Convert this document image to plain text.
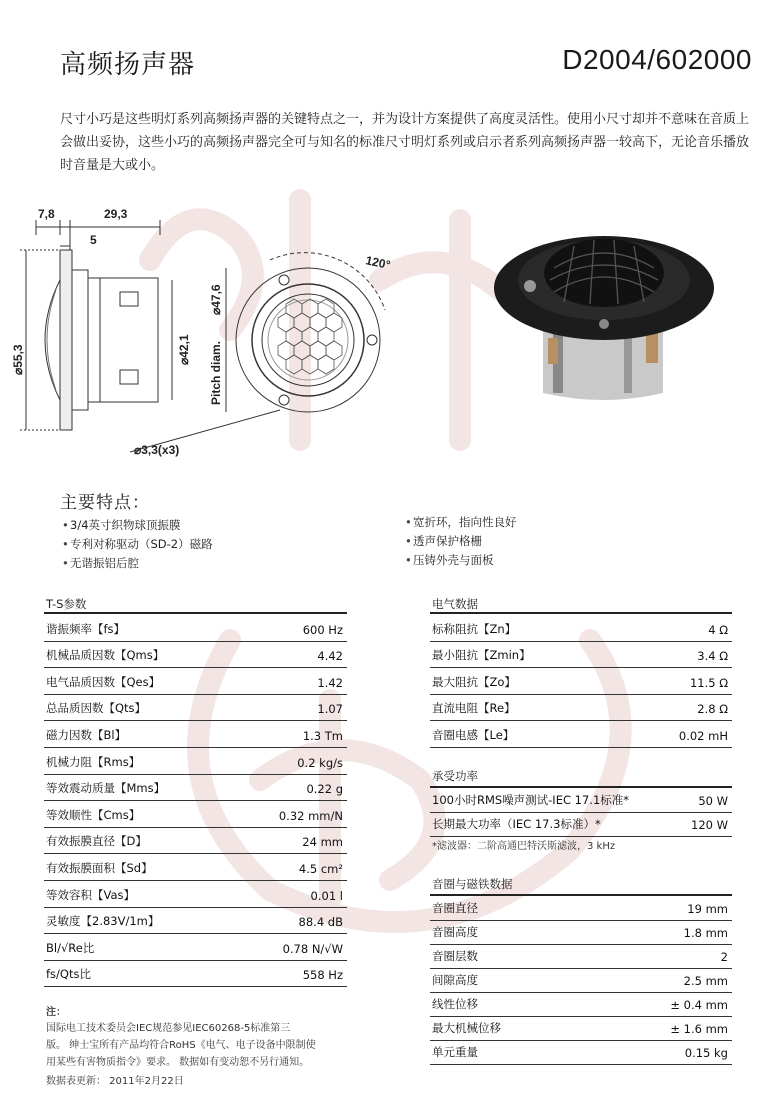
高频扬声器	D2004/602000
尺寸小巧是这些明灯系列高频扬声器的关键特点之一，并为设计方案提供了高度灵活性。使用小尺寸却并不意味在音质上会做出妥协，这些小巧的高频扬声器完全可与知名的标准尺寸明灯系列或启示者系列高频扬声器一较高下，无论音乐播放时音量是大或小。
7,8	29,3
5
120°
⌀3,3(x3)
⌀55,3	⌀42,1 Pitch diam.
⌀47,6
主要特点：
•3/4英寸织物球顶振膜
•专利对称驱动（SD-2）磁路
•无谐振铝后腔
•宽折环，指向性良好
•透声保护格栅
•压铸外壳与面板
T-S参数
谐振频率【fs】	600 Hz
机械品质因数【Qms】	4.42
电气品质因数【Qes】	1.42
总品质因数【Qts】	1.07
磁力因数【Bl】	1.3 Tm
机械力阻【Rms】	0.2 kg/s
等效震动质量【Mms】	0.22 g
等效顺性【Cms】	0.32 mm/N
有效振膜直径【D】	24 mm
有效振膜面积【Sd】	4.5 cm²
等效容积【Vas】	0.01 l
灵敏度【2.83V/1m】	88.4 dB
Bl/√Re比	0.78 N/√W
fs/Qts比	558 Hz
注：
国际电工技术委员会IEC规范参见IEC60268-5标准第三
版。 绅士宝所有产品均符合RoHS《电气、电子设备中限制使
用某些有害物质指令》要求。 数据如有变动恕不另行通知。
数据表更新： 2011年2月22日
电气数据
标称阻抗【Zn】	4 Ω
最小阻抗【Zmin】	3.4 Ω
最大阻抗【Zo】	11.5 Ω
直流电阻【Re】	2.8 Ω
音圈电感【Le】	0.02 mH
承受功率
100小时RMS噪声测试-IEC 17.1标准*	50 W
长期最大功率（IEC 17.3标准）*	120 W
*滤波器：二阶高通巴特沃斯滤波，3 kHz
音圈与磁铁数据
音圈直径	19 mm
音圈高度	1.8 mm
音圈层数	2
间隙高度	2.5 mm
线性位移	± 0.4 mm
最大机械位移	± 1.6 mm
单元重量	0.15 kg
